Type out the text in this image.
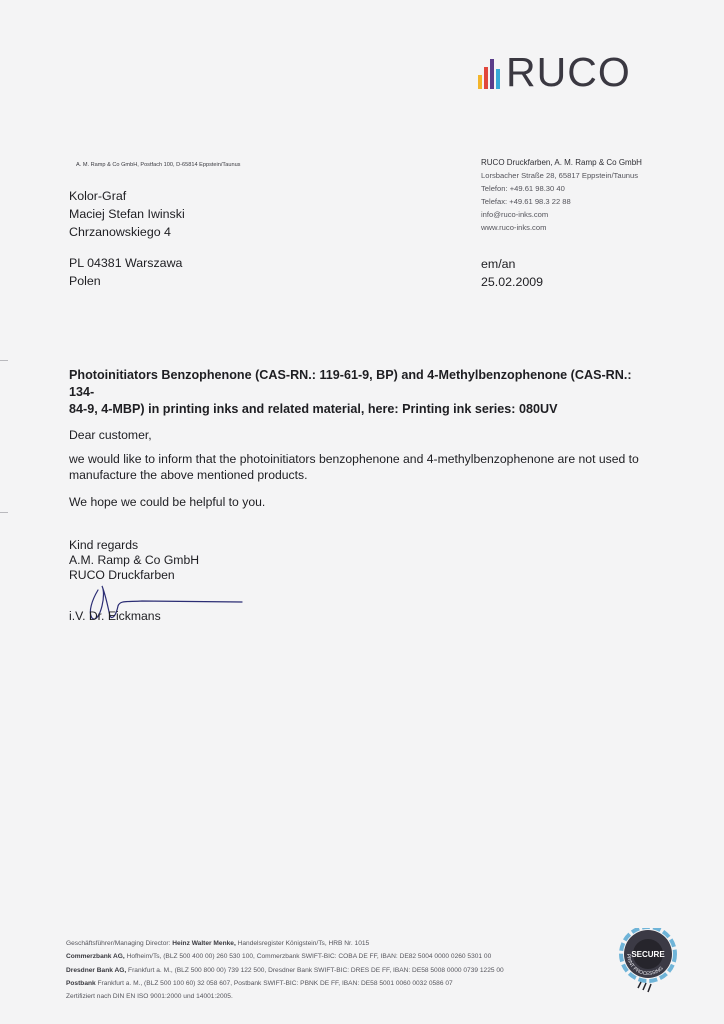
RUCO
A. M. Ramp & Co GmbH, Postfach 100, D-65814 Eppstein/Taunus
Kolor-Graf
Maciej Stefan Iwinski
Chrzanowskiego 4
PL 04381 Warszawa
Polen
RUCO Druckfarben, A. M. Ramp & Co GmbH
Lorsbacher Straße 28, 65817 Eppstein/Taunus
Telefon: +49.61 98.30 40
Telefax: +49.61 98.3 22 88
info@ruco-inks.com
www.ruco-inks.com
em/an
25.02.2009
Photoinitiators Benzophenone (CAS-RN.: 119-61-9, BP) and 4-Methylbenzophenone (CAS-RN.: 134-
84-9, 4-MBP) in printing inks and related material, here: Printing ink series: 080UV
Dear customer,
we would like to inform that the photoinitiators benzophenone and 4-methylbenzophenone are not used to
manufacture the above mentioned products.
We hope we could be helpful to you.
Kind regards
A.M. Ramp & Co GmbH
RUCO Druckfarben
i.V. Dr. Eickmans
Geschäftsführer/Managing Director: Heinz Walter Menke, Handelsregister Königstein/Ts, HRB Nr. 1015
Commerzbank AG, Hofheim/Ts, (BLZ 500 400 00) 260 530 100, Commerzbank SWIFT-BIC: COBA DE FF, IBAN: DE82 5004 0000 0260 5301 00
Dresdner Bank AG, Frankfurt a. M., (BLZ 500 800 00) 739 122 500, Dresdner Bank SWIFT-BIC: DRES DE FF, IBAN: DE58 5008 0000 0739 1225 00
Postbank Frankfurt a. M., (BLZ 500 100 60) 32 058 607, Postbank SWIFT-BIC: PBNK DE FF, IBAN: DE58 5001 0060 0032 0586 07
Zertifiziert nach DIN EN ISO 9001:2000 und 14001:2005.
SECURE
PRINT PROCESSING
